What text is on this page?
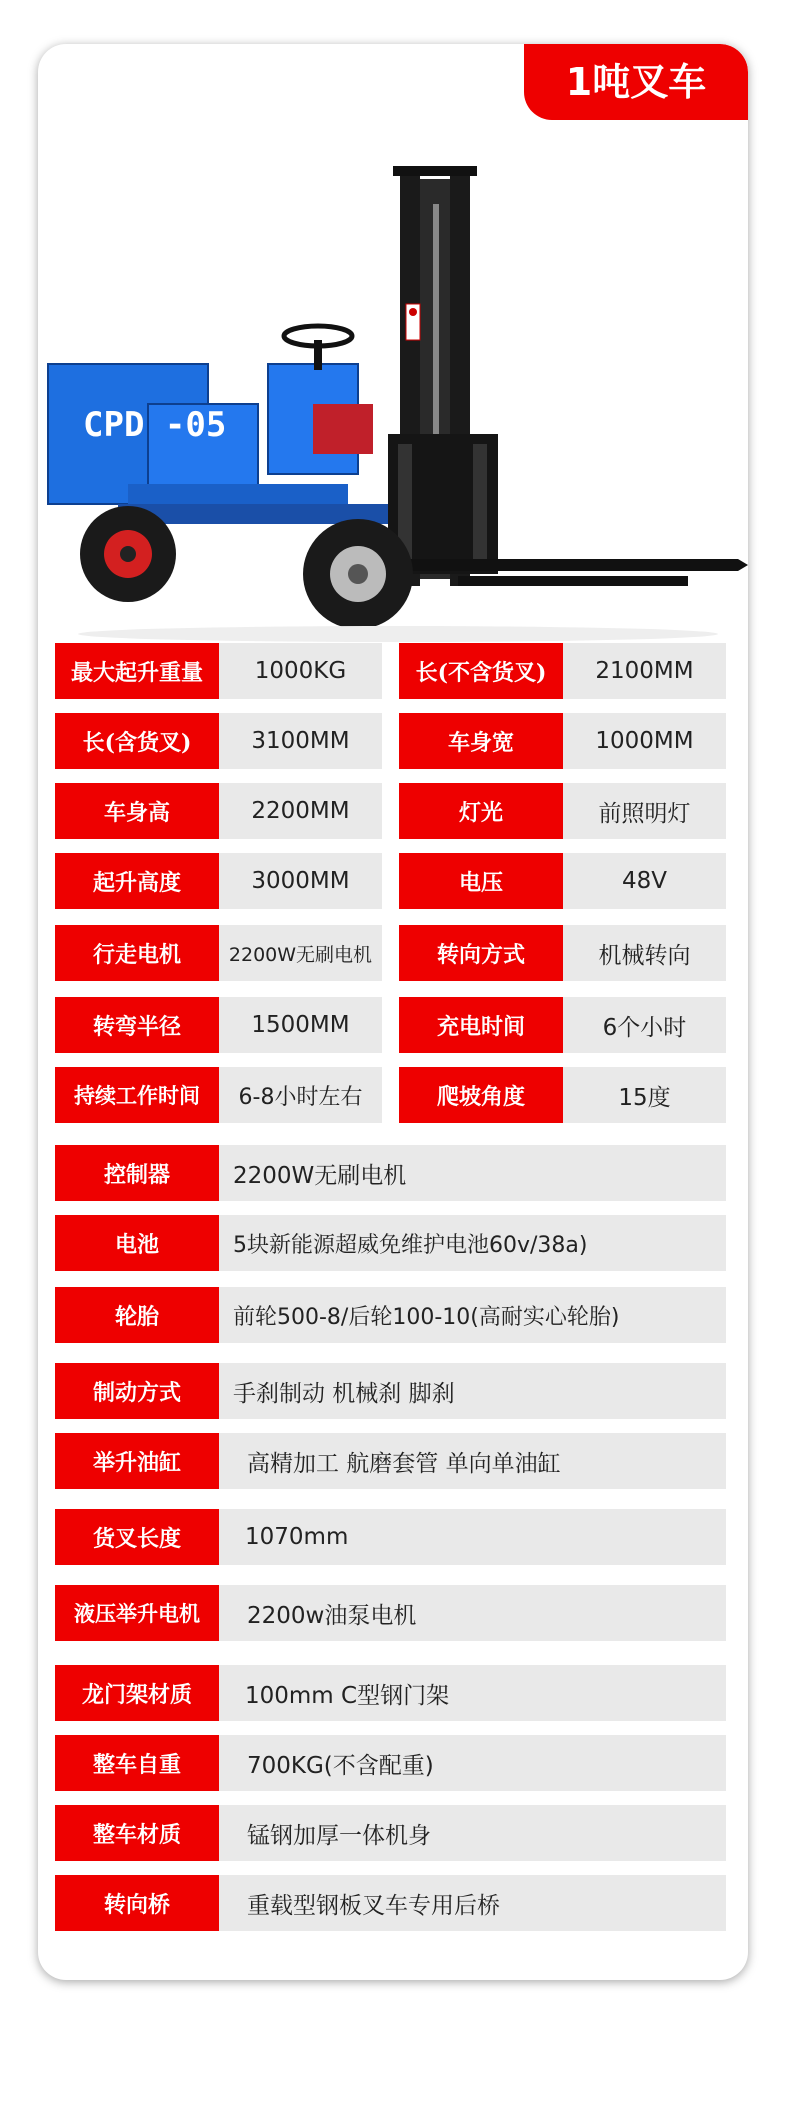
1吨叉车
CPD -05
最大起升重量	1000KG	长(不含货叉)	2100MM
长(含货叉)	3100MM	车身宽	1000MM
车身高	2200MM	灯光	前照明灯
起升高度	3000MM	电压	48V
行走电机	2200W无刷电机	转向方式	机械转向
转弯半径	1500MM	充电时间	6个小时
持续工作时间	6-8小时左右	爬坡角度	15度
控制器	2200W无刷电机
电池	5块新能源超威免维护电池60v/38a)
轮胎	前轮500-8/后轮100-10(高耐实心轮胎)
制动方式	手刹制动 机械刹 脚刹
举升油缸	高精加工 航磨套管 单向单油缸
货叉长度	1070mm
液压举升电机	2200w油泵电机
龙门架材质	100mm C型钢门架
整车自重	700KG(不含配重)
整车材质	锰钢加厚一体机身
转向桥	重载型钢板叉车专用后桥
